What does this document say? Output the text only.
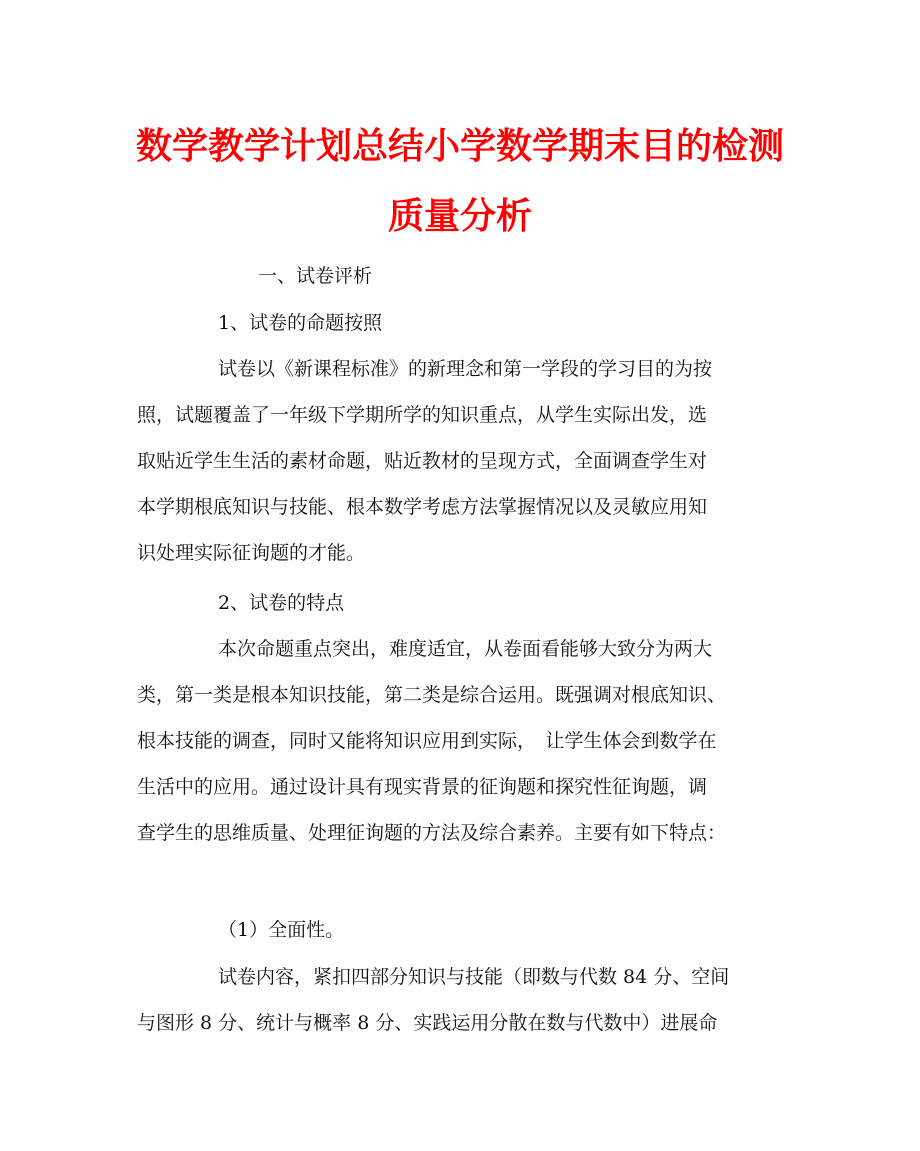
数学教学计划总结小学数学期末目的检测
质量分析

一、试卷评析

1、试卷的命题按照

试卷以《新课程标准》的新理念和第一学段的学习目的为按

照，试题覆盖了一年级下学期所学的知识重点，从学生实际出发，选

取贴近学生生活的素材命题，贴近教材的呈现方式，全面调查学生对

本学期根底知识与技能、根本数学考虑方法掌握情况以及灵敏应用知

识处理实际征询题的才能。

2、试卷的特点

本次命题重点突出，难度适宜，从卷面看能够大致分为两大

类，第一类是根本知识技能，第二类是综合运用。既强调对根底知识、

根本技能的调查，同时又能将知识应用到实际，　让学生体会到数学在

生活中的应用。通过设计具有现实背景的征询题和探究性征询题，调

查学生的思维质量、处理征询题的方法及综合素养。主要有如下特点：

（1）全面性。

试卷内容，紧扣四部分知识与技能（即数与代数 84 分、空间

与图形 8 分、统计与概率 8 分、实践运用分散在数与代数中）进展命
